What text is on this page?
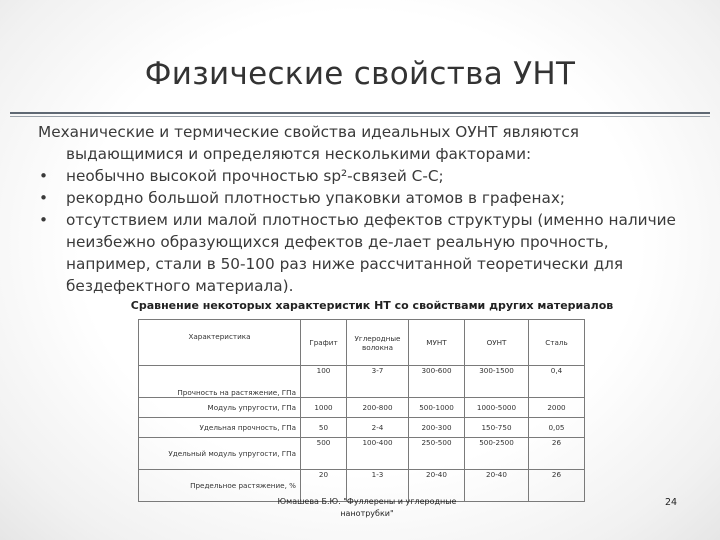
Физические свойства УНТ

Механические и термические свойства идеальных ОУНТ являются выдающимися и определяются несколькими факторами:

•	необычно высокой прочностью sp²-связей С-С;
•	рекордно большой плотностью упаковки атомов в графенах;
•	отсутствием или малой плотностью дефектов структуры (именно наличие неизбежно образующихся дефектов де-лает реальную прочность, например, стали в 50-100 раз ниже рассчитанной теоретически для бездефектного материала).
Сравнение некоторых характеристик НТ со свойствами других материалов
Характеристика	Графит	Углеродные волокна	МУНТ	ОУНТ	Сталь
Прочность на растяжение, ГПа	100	3-7	300-600	300-1500	0,4
Модуль упругости, ГПа	1000	200-800	500-1000	1000-5000	2000
Удельная прочность, ГПа	50	2-4	200-300	150-750	0,05
Удельный модуль упругости, ГПа	500	100-400	250-500	500-2500	26
Предельное растяжение, %	20	1-3	20-40	20-40	26
Юмашева Б.Ю. "Фуллерены и углеродные нанотрубки"
24
